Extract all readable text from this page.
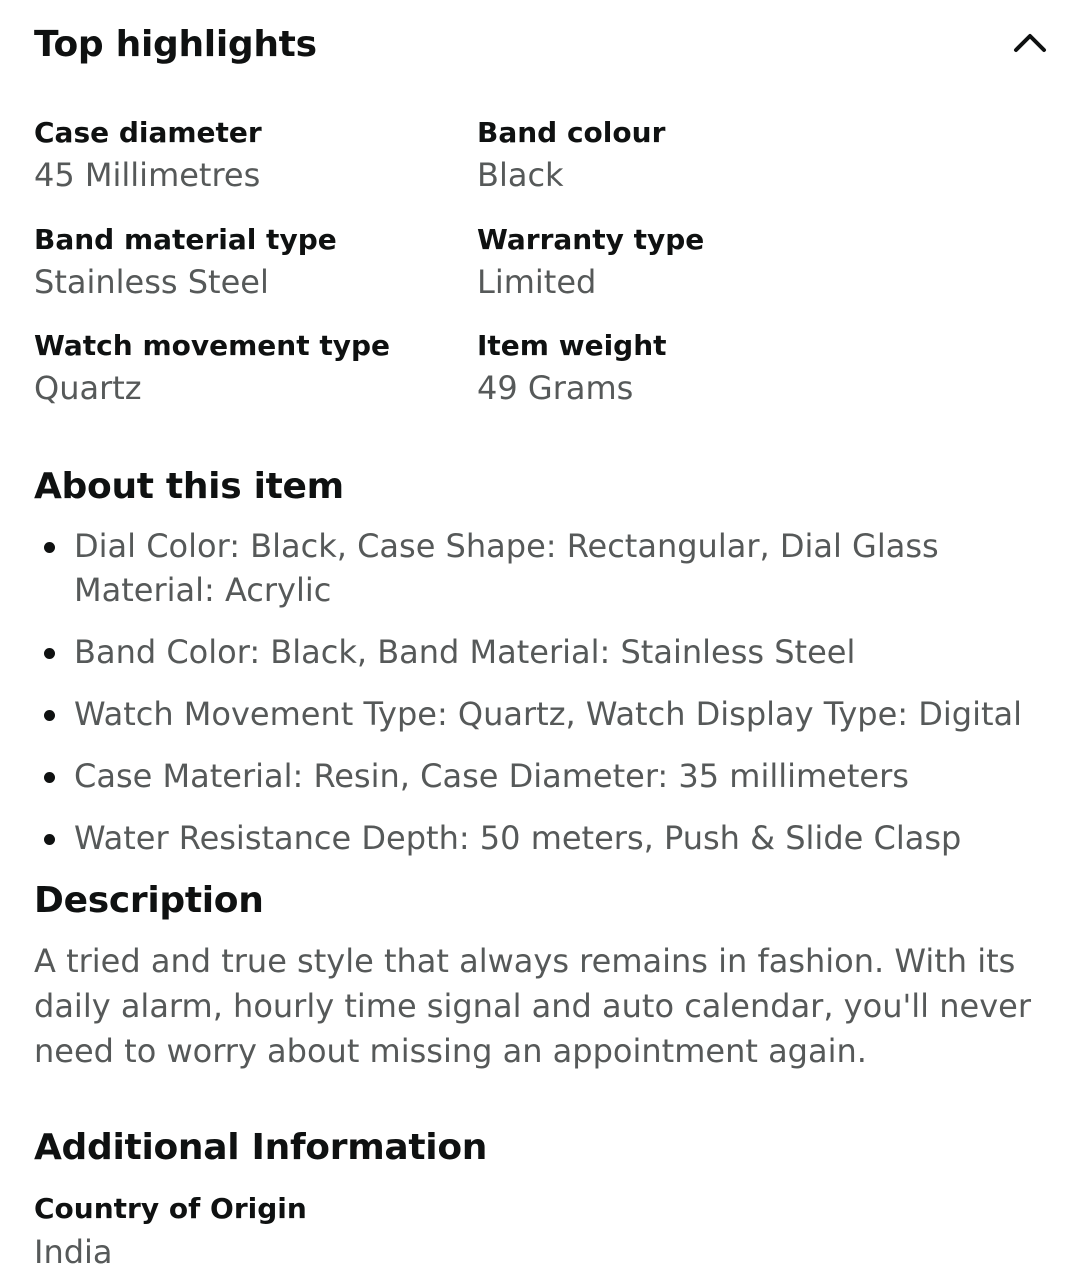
Top highlights
Case diameter
45 Millimetres
Band colour
Black
Band material type
Stainless Steel
Warranty type
Limited
Watch movement type
Quartz
Item weight
49 Grams
About this item
Dial Color: Black, Case Shape: Rectangular, Dial Glass Material: Acrylic
Band Color: Black, Band Material: Stainless Steel
Watch Movement Type: Quartz, Watch Display Type: Digital
Case Material: Resin, Case Diameter: 35 millimeters
Water Resistance Depth: 50 meters, Push & Slide Clasp
Description
A tried and true style that always remains in fashion. With its daily alarm, hourly time signal and auto calendar, you'll never need to worry about missing an appointment again.
Additional Information
Country of Origin
India
